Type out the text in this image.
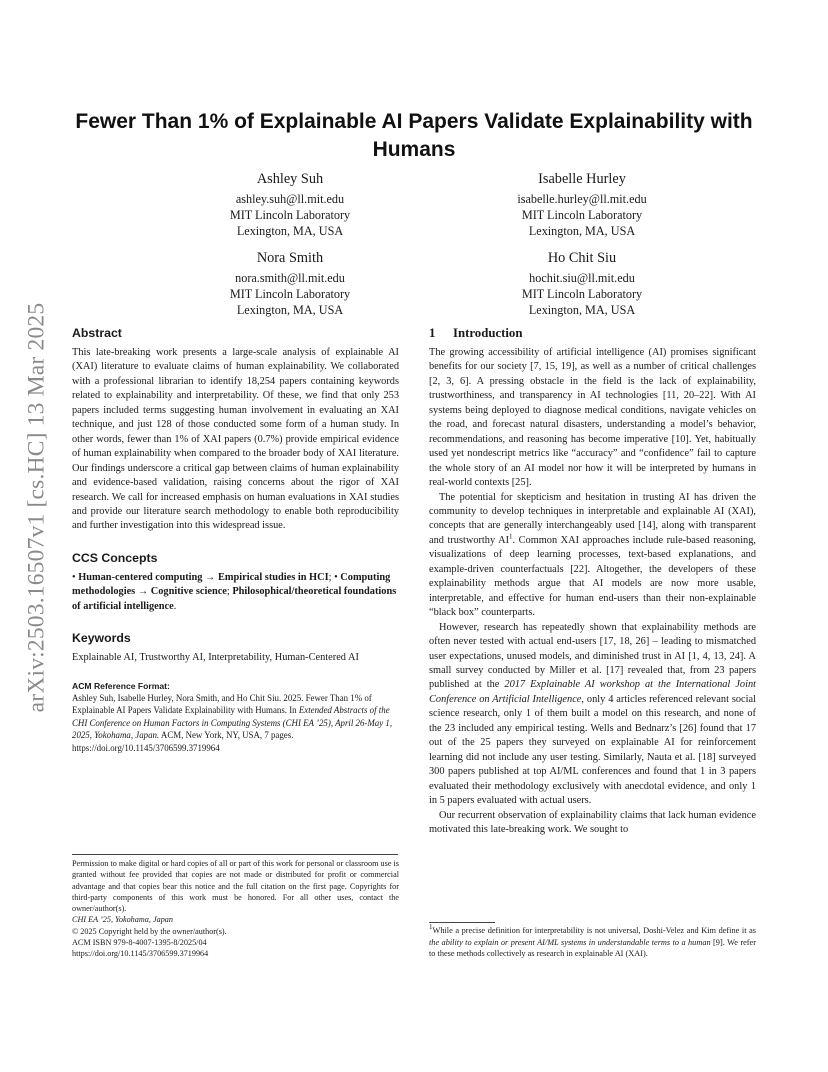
arXiv:2503.16507v1 [cs.HC] 13 Mar 2025
Fewer Than 1% of Explainable AI Papers Validate Explainability with Humans
Ashley Suh
ashley.suh@ll.mit.edu
MIT Lincoln Laboratory
Lexington, MA, USA
Isabelle Hurley
isabelle.hurley@ll.mit.edu
MIT Lincoln Laboratory
Lexington, MA, USA
Nora Smith
nora.smith@ll.mit.edu
MIT Lincoln Laboratory
Lexington, MA, USA
Ho Chit Siu
hochit.siu@ll.mit.edu
MIT Lincoln Laboratory
Lexington, MA, USA
Abstract

This late-breaking work presents a large-scale analysis of explainable AI (XAI) literature to evaluate claims of human explainability. We collaborated with a professional librarian to identify 18,254 papers containing keywords related to explainability and interpretability. Of these, we find that only 253 papers included terms suggesting human involvement in evaluating an XAI technique, and just 128 of those conducted some form of a human study. In other words, fewer than 1% of XAI papers (0.7%) provide empirical evidence of human explainability when compared to the broader body of XAI literature. Our findings underscore a critical gap between claims of human explainability and evidence-based validation, raising concerns about the rigor of XAI research. We call for increased emphasis on human evaluations in XAI studies and provide our literature search methodology to enable both reproducibility and further investigation into this widespread issue.

CCS Concepts

• Human-centered computing → Empirical studies in HCI; • Computing methodologies → Cognitive science; Philosophical/theoretical foundations of artificial intelligence.

Keywords

Explainable AI, Trustworthy AI, Interpretability, Human-Centered AI

ACM Reference Format:

Ashley Suh, Isabelle Hurley, Nora Smith, and Ho Chit Siu. 2025. Fewer Than 1% of Explainable AI Papers Validate Explainability with Humans. In Extended Abstracts of the CHI Conference on Human Factors in Computing Systems (CHI EA ’25), April 26-May 1, 2025, Yokohama, Japan. ACM, New York, NY, USA, 7 pages. https://doi.org/10.1145/3706599.3719964

Permission to make digital or hard copies of all or part of this work for personal or classroom use is granted without fee provided that copies are not made or distributed for profit or commercial advantage and that copies bear this notice and the full citation on the first page. Copyrights for third-party components of this work must be honored. For all other uses, contact the owner/author(s).
CHI EA ’25, Yokohama, Japan
© 2025 Copyright held by the owner/author(s).
ACM ISBN 979-8-4007-1395-8/2025/04
https://doi.org/10.1145/3706599.3719964
1 Introduction

The growing accessibility of artificial intelligence (AI) promises significant benefits for our society [7, 15, 19], as well as a number of critical challenges [2, 3, 6]. A pressing obstacle in the field is the lack of explainability, trustworthiness, and transparency in AI technologies [11, 20–22]. With AI systems being deployed to diagnose medical conditions, navigate vehicles on the road, and forecast natural disasters, understanding a model’s behavior, recommendations, and reasoning has become imperative [10]. Yet, habitually used yet nondescript metrics like “accuracy” and “confidence” fail to capture the whole story of an AI model nor how it will be interpreted by humans in real-world contexts [25].

The potential for skepticism and hesitation in trusting AI has driven the community to develop techniques in interpretable and explainable AI (XAI), concepts that are generally interchangeably used [14], along with transparent and trustworthy $AI^1$. Common XAI approaches include rule-based reasoning, visualizations of deep learning processes, text-based explanations, and example-driven counterfactuals [22]. Altogether, the developers of these explainability methods argue that AI models are now more usable, interpretable, and effective for human end-users than their non-explainable “black box” counterparts.

However, research has repeatedly shown that explainability methods are often never tested with actual end-users [17, 18, 26] – leading to mismatched user expectations, unused models, and diminished trust in AI [1, 4, 13, 24]. A small survey conducted by Miller et al. [17] revealed that, from 23 papers published at the 2017 Explainable AI workshop at the International Joint Conference on Artificial Intelligence, only 4 articles referenced relevant social science research, only 1 of them built a model on this research, and none of the 23 included any empirical testing. Wells and Bednarz’s [26] found that 17 out of the 25 papers they surveyed on explainable AI for reinforcement learning did not include any user testing. Similarly, Nauta et al. [18] surveyed 300 papers published at top AI/ML conferences and found that 1 in 3 papers evaluated their methodology exclusively with anecdotal evidence, and only 1 in 5 papers evaluated with actual users.

Our recurrent observation of explainability claims that lack human evidence motivated this late-breaking work. We sought to

$^1$While a precise definition for interpretability is not universal, Doshi-Velez and Kim define it as the ability to explain or present AI/ML systems in understandable terms to a human [9]. We refer to these methods collectively as research in explainable AI (XAI).
